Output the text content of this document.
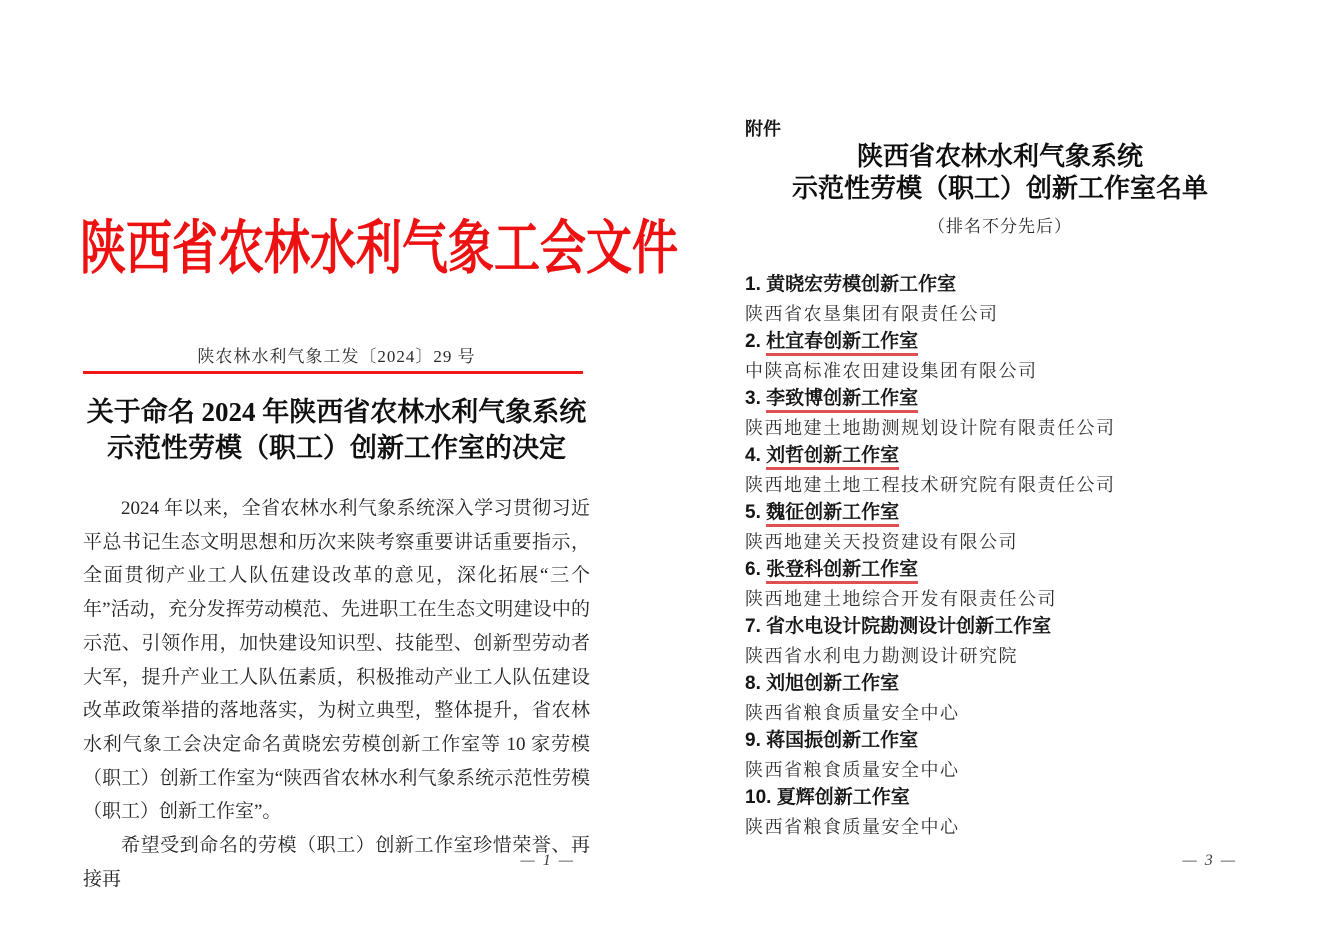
陕西省农林水利气象工会文件
陕农林水利气象工发〔2024〕29 号
关于命名 2024 年陕西省农林水利气象系统
示范性劳模（职工）创新工作室的决定

2024 年以来，全省农林水利气象系统深入学习贯彻习近平总书记生态文明思想和历次来陕考察重要讲话重要指示，全面贯彻产业工人队伍建设改革的意见，深化拓展“三个年”活动，充分发挥劳动模范、先进职工在生态文明建设中的示范、引领作用，加快建设知识型、技能型、创新型劳动者大军，提升产业工人队伍素质，积极推动产业工人队伍建设改革政策举措的落地落实，为树立典型，整体提升，省农林水利气象工会决定命名黄晓宏劳模创新工作室等 10 家劳模（职工）创新工作室为“陕西省农林水利气象系统示范性劳模（职工）创新工作室”。

希望受到命名的劳模（职工）创新工作室珍惜荣誉、再接再

— 1 —
附件
陕西省农林水利气象系统
示范性劳模（职工）创新工作室名单
（排名不分先后）
1. 黄晓宏劳模创新工作室
陕西省农垦集团有限责任公司
2. 杜宜春创新工作室
中陕高标准农田建设集团有限公司
3. 李致博创新工作室
陕西地建土地勘测规划设计院有限责任公司
4. 刘哲创新工作室
陕西地建土地工程技术研究院有限责任公司
5. 魏征创新工作室
陕西地建关天投资建设有限公司
6. 张登科创新工作室
陕西地建土地综合开发有限责任公司
7. 省水电设计院勘测设计创新工作室
陕西省水利电力勘测设计研究院
8. 刘旭创新工作室
陕西省粮食质量安全中心
9. 蒋国振创新工作室
陕西省粮食质量安全中心
10. 夏辉创新工作室
陕西省粮食质量安全中心
— 3 —
